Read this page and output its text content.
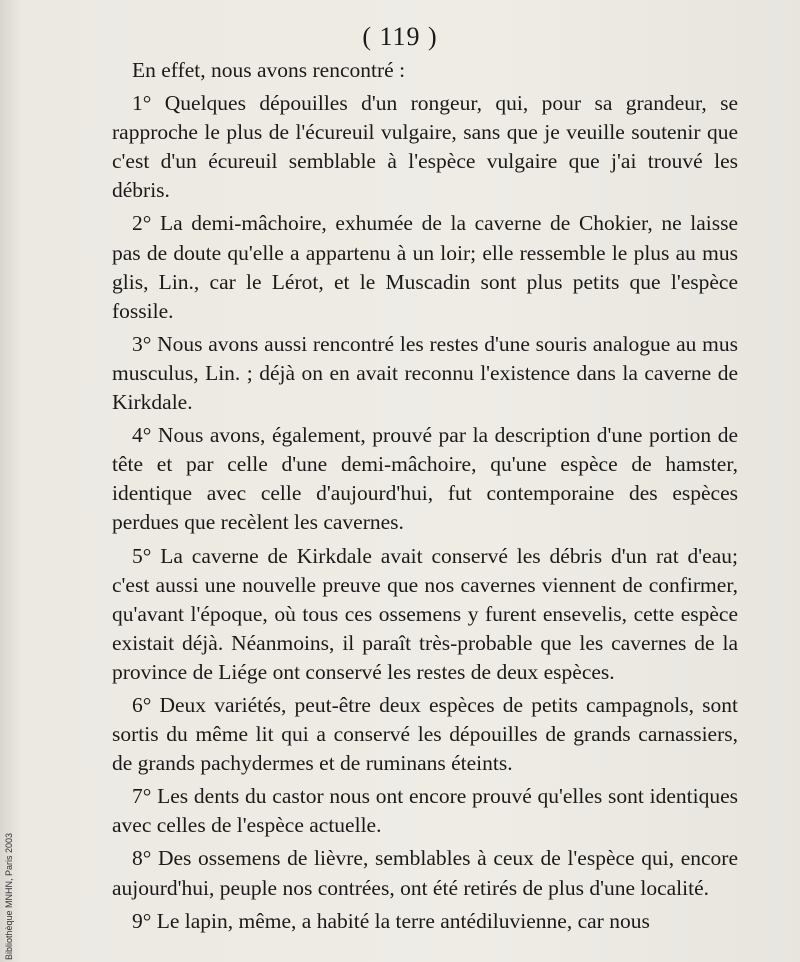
Bibliothèque MNHN, Paris 2003
( 119 )

En effet, nous avons rencontré :

1° Quelques dépouilles d'un rongeur, qui, pour sa grandeur, se rapproche le plus de l'écureuil vulgaire, sans que je veuille soutenir que c'est d'un écureuil semblable à l'espèce vulgaire que j'ai trouvé les débris.

2° La demi-mâchoire, exhumée de la caverne de Chokier, ne laisse pas de doute qu'elle a appartenu à un loir; elle ressemble le plus au mus glis, Lin., car le Lérot, et le Muscadin sont plus petits que l'espèce fossile.

3° Nous avons aussi rencontré les restes d'une souris analogue au mus musculus, Lin. ; déjà on en avait reconnu l'existence dans la caverne de Kirkdale.

4° Nous avons, également, prouvé par la description d'une portion de tête et par celle d'une demi-mâchoire, qu'une espèce de hamster, identique avec celle d'aujourd'hui, fut contemporaine des espèces perdues que recèlent les cavernes.

5° La caverne de Kirkdale avait conservé les débris d'un rat d'eau; c'est aussi une nouvelle preuve que nos cavernes viennent de confirmer, qu'avant l'époque, où tous ces ossemens y furent ensevelis, cette espèce existait déjà. Néanmoins, il paraît très-probable que les cavernes de la province de Liége ont conservé les restes de deux espèces.

6° Deux variétés, peut-être deux espèces de petits campagnols, sont sortis du même lit qui a conservé les dépouilles de grands carnassiers, de grands pachydermes et de ruminans éteints.

7° Les dents du castor nous ont encore prouvé qu'elles sont identiques avec celles de l'espèce actuelle.

8° Des ossemens de lièvre, semblables à ceux de l'espèce qui, encore aujourd'hui, peuple nos contrées, ont été retirés de plus d'une localité.

9° Le lapin, même, a habité la terre antédiluvienne, car nous
